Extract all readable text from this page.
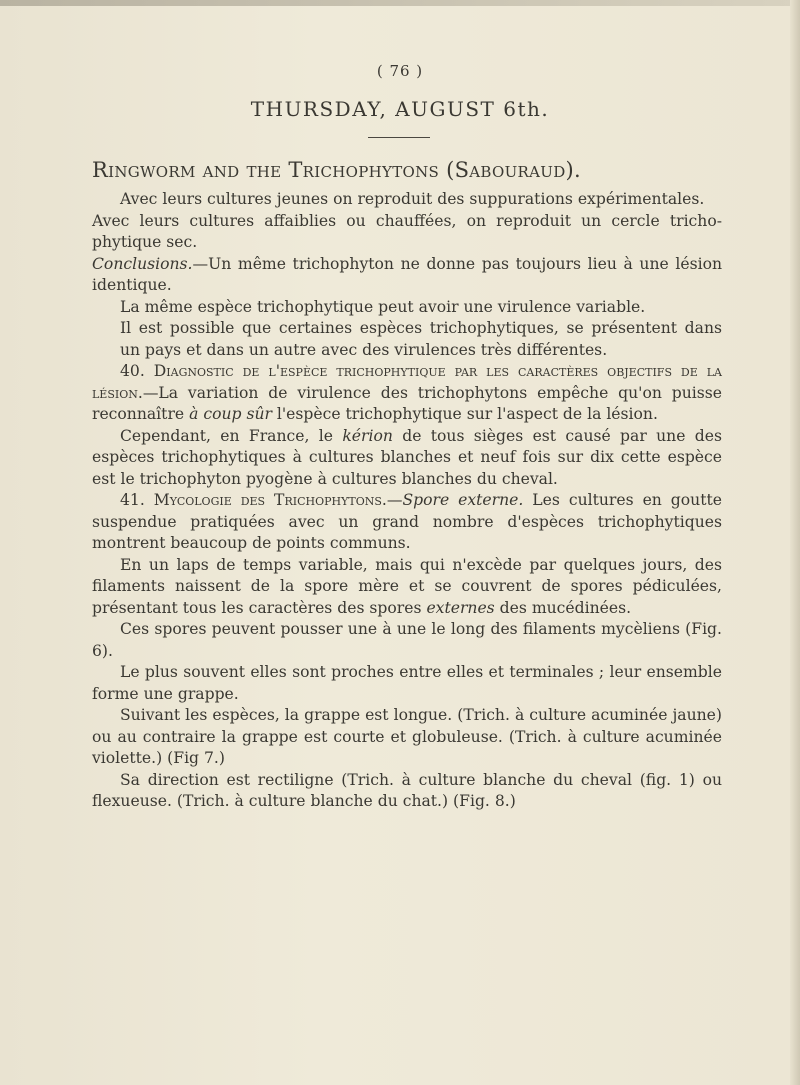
( 76 )
THURSDAY, AUGUST 6th.
Ringworm and the Trichophytons (Sabouraud).

Avec leurs cultures jeunes on reproduit des suppurations expérimentales.

Avec leurs cultures affaiblies ou chauffées, on reproduit un cercle tricho-phytique sec.

Conclusions.—Un même trichophyton ne donne pas toujours lieu à une lésion identique.

La même espèce trichophytique peut avoir une virulence variable.

Il est possible que certaines espèces trichophytiques, se présentent dans un pays et dans un autre avec des virulences très différentes.

40. Diagnostic de l'espèce trichophytique par les caractères objectifs de la lésion.—La variation de virulence des trichophytons empêche qu'on puisse reconnaître à coup sûr l'espèce trichophytique sur l'aspect de la lésion.

Cependant, en France, le kérion de tous sièges est causé par une des espèces trichophytiques à cultures blanches et neuf fois sur dix cette espèce est le trichophyton pyogène à cultures blanches du cheval.

41. Mycologie des Trichophytons.—Spore externe. Les cultures en goutte suspendue pratiquées avec un grand nombre d'espèces trichophytiques montrent beaucoup de points communs.

En un laps de temps variable, mais qui n'excède par quelques jours, des filaments naissent de la spore mère et se couvrent de spores pédiculées, présentant tous les caractères des spores externes des mucédinées.

Ces spores peuvent pousser une à une le long des filaments mycèliens (Fig. 6).

Le plus souvent elles sont proches entre elles et terminales ; leur ensemble forme une grappe.

Suivant les espèces, la grappe est longue. (Trich. à culture acuminée jaune) ou au contraire la grappe est courte et globuleuse. (Trich. à culture acuminée violette.) (Fig 7.)

Sa direction est rectiligne (Trich. à culture blanche du cheval (fig. 1) ou flexueuse. (Trich. à culture blanche du chat.) (Fig. 8.)
